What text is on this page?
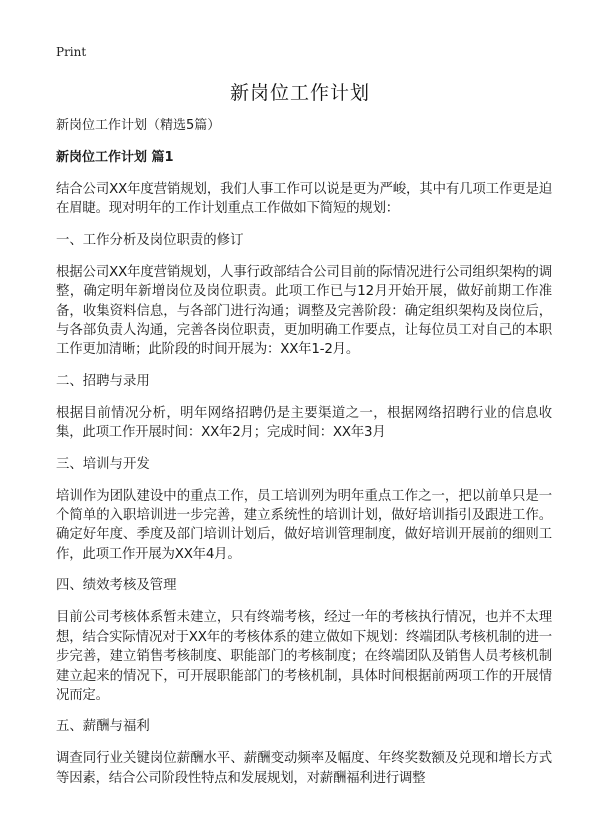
Print
新岗位工作计划

新岗位工作计划（精选5篇）

新岗位工作计划 篇1

结合公司XX年度营销规划，我们人事工作可以说是更为严峻，其中有几项工作更是迫在眉睫。现对明年的工作计划重点工作做如下简短的规划：

一、工作分析及岗位职责的修订

根据公司XX年度营销规划，人事行政部结合公司目前的际情况进行公司组织架构的调整，确定明年新增岗位及岗位职责。此项工作已与12月开始开展，做好前期工作准备，收集资料信息，与各部门进行沟通；调整及完善阶段：确定组织架构及岗位后，与各部负责人沟通，完善各岗位职责，更加明确工作要点，让每位员工对自己的本职工作更加清晰；此阶段的时间开展为：XX年1-2月。

二、招聘与录用

根据目前情况分析，明年网络招聘仍是主要渠道之一，根据网络招聘行业的信息收集，此项工作开展时间：XX年2月；完成时间：XX年3月

三、培训与开发

培训作为团队建设中的重点工作，员工培训列为明年重点工作之一，把以前单只是一个简单的入职培训进一步完善，建立系统性的培训计划，做好培训指引及跟进工作。确定好年度、季度及部门培训计划后，做好培训管理制度，做好培训开展前的细则工作，此项工作开展为XX年4月。

四、绩效考核及管理

目前公司考核体系暂未建立，只有终端考核，经过一年的考核执行情况，也并不太理想，结合实际情况对于XX年的考核体系的建立做如下规划：终端团队考核机制的进一步完善，建立销售考核制度、职能部门的考核制度；在终端团队及销售人员考核机制建立起来的情况下，可开展职能部门的考核机制，具体时间根据前两项工作的开展情况而定。

五、薪酬与福利

调查同行业关键岗位薪酬水平、薪酬变动频率及幅度、年终奖数额及兑现和增长方式等因素，结合公司阶段性特点和发展规划，对薪酬福利进行调整
